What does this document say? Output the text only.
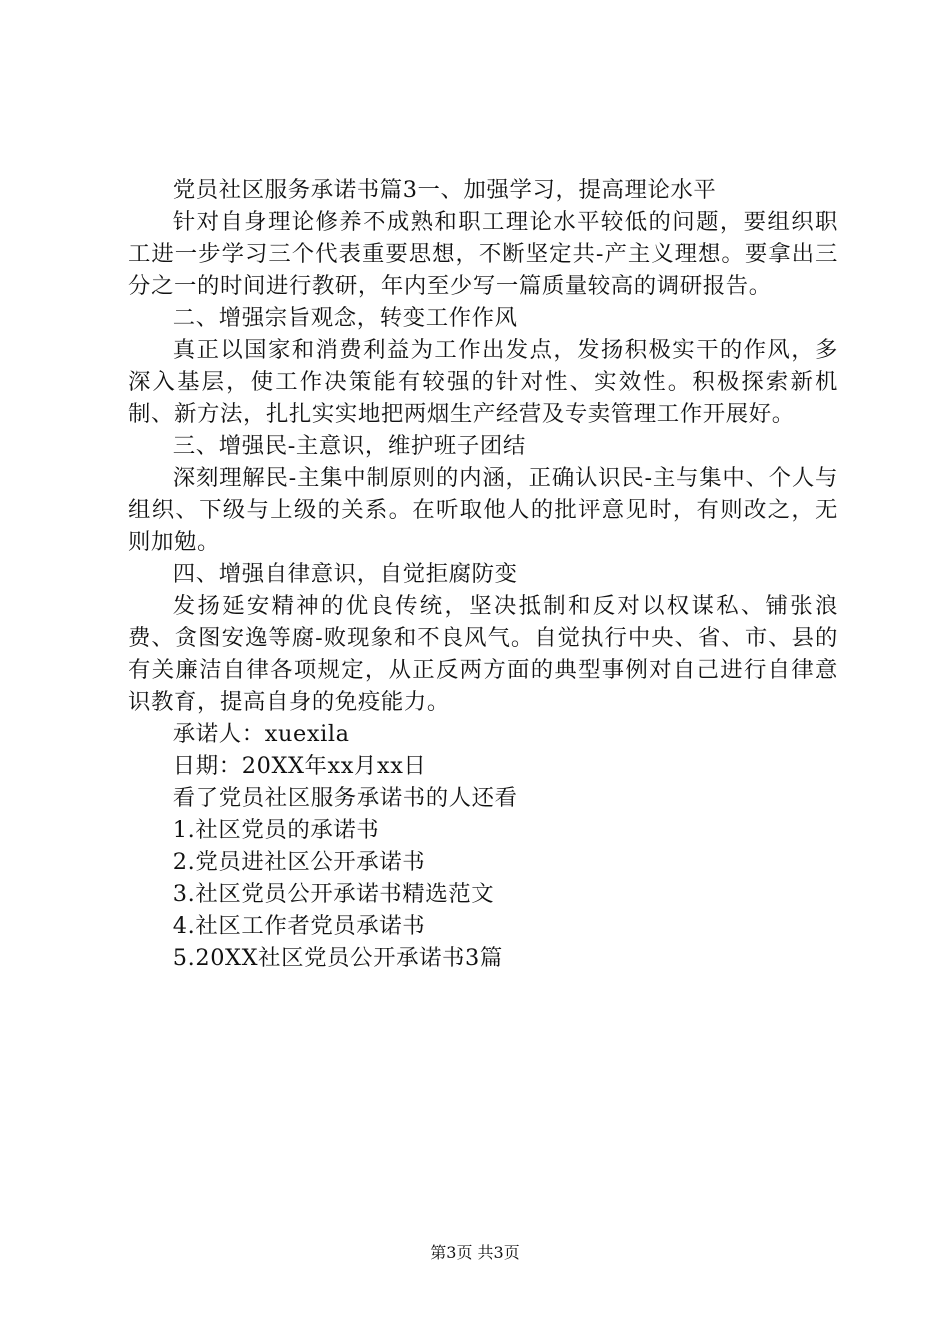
党员社区服务承诺书篇3一、加强学习，提高理论水平

针对自身理论修养不成熟和职工理论水平较低的问题，要组织职工进一步学习三个代表重要思想，不断坚定共-产主义理想。要拿出三分之一的时间进行教研，年内至少写一篇质量较高的调研报告。

二、增强宗旨观念，转变工作作风

真正以国家和消费利益为工作出发点，发扬积极实干的作风，多深入基层，使工作决策能有较强的针对性、实效性。积极探索新机制、新方法，扎扎实实地把两烟生产经营及专卖管理工作开展好。

三、增强民-主意识，维护班子团结

深刻理解民-主集中制原则的内涵，正确认识民-主与集中、个人与组织、下级与上级的关系。在听取他人的批评意见时，有则改之，无则加勉。

四、增强自律意识，自觉拒腐防变

发扬延安精神的优良传统，坚决抵制和反对以权谋私、铺张浪费、贪图安逸等腐-败现象和不良风气。自觉执行中央、省、市、县的有关廉洁自律各项规定，从正反两方面的典型事例对自己进行自律意识教育，提高自身的免疫能力。

承诺人：xuexila

日期：20XX年xx月xx日

看了党员社区服务承诺书的人还看

1.社区党员的承诺书

2.党员进社区公开承诺书

3.社区党员公开承诺书精选范文

4.社区工作者党员承诺书

5.20XX社区党员公开承诺书3篇

第3页 共3页
